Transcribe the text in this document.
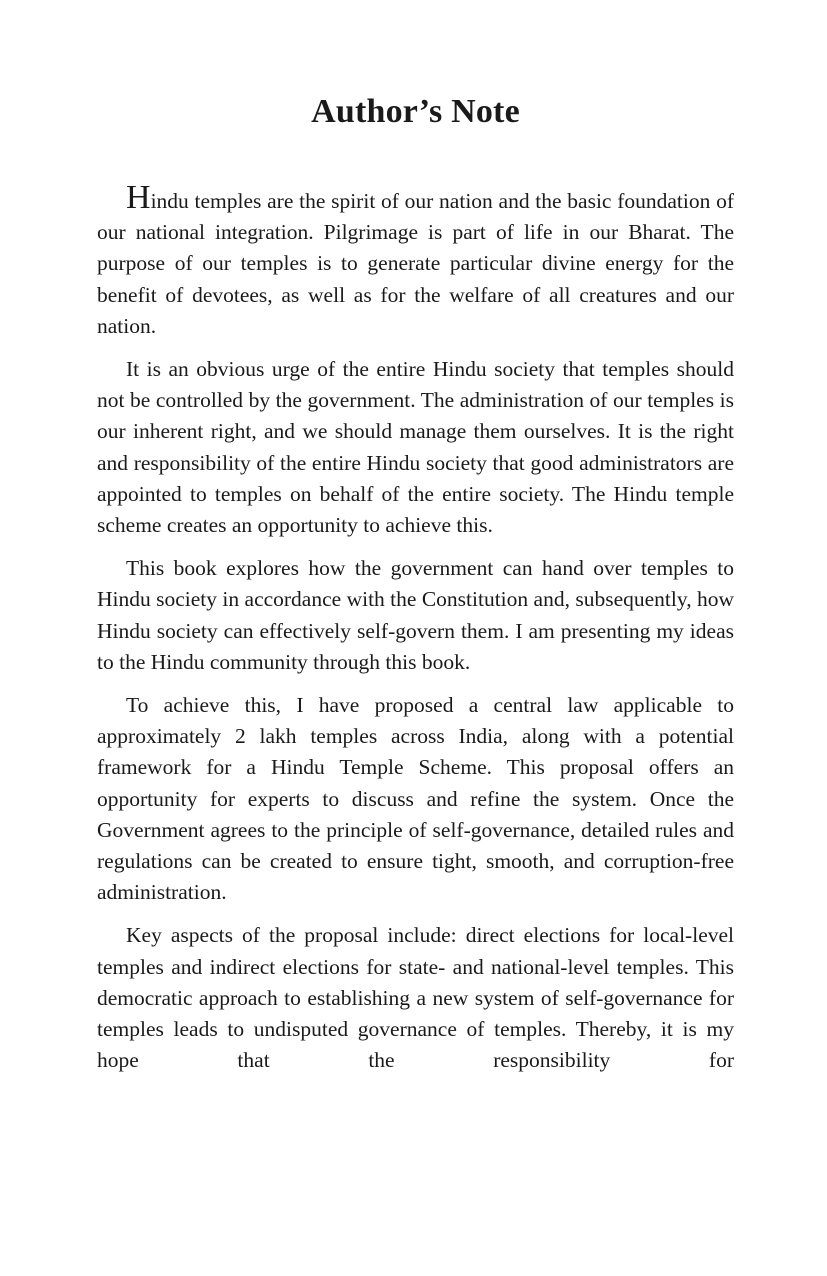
Author’s Note

Hindu temples are the spirit of our nation and the basic foundation of our national integration. Pilgrimage is part of life in our Bharat. The purpose of our temples is to generate particular divine energy for the benefit of devotees, as well as for the welfare of all creatures and our nation.

It is an obvious urge of the entire Hindu society that temples should not be controlled by the government. The administration of our temples is our inherent right, and we should manage them ourselves. It is the right and responsibility of the entire Hindu society that good administrators are appointed to temples on behalf of the entire society. The Hindu temple scheme creates an opportunity to achieve this.

This book explores how the government can hand over temples to Hindu society in accordance with the Constitution and, subsequently, how Hindu society can effectively self-govern them. I am presenting my ideas to the Hindu community through this book.

To achieve this, I have proposed a central law applicable to approximately 2 lakh temples across India, along with a potential framework for a Hindu Temple Scheme. This proposal offers an opportunity for experts to discuss and refine the system. Once the Government agrees to the principle of self-governance, detailed rules and regulations can be created to ensure tight, smooth, and corruption-free administration.

Key aspects of the proposal include: direct elections for local-level temples and indirect elections for state- and national-level temples. This democratic approach to establishing a new system of self-governance for temples leads to undisputed governance of temples. Thereby, it is my hope that the responsibility for
